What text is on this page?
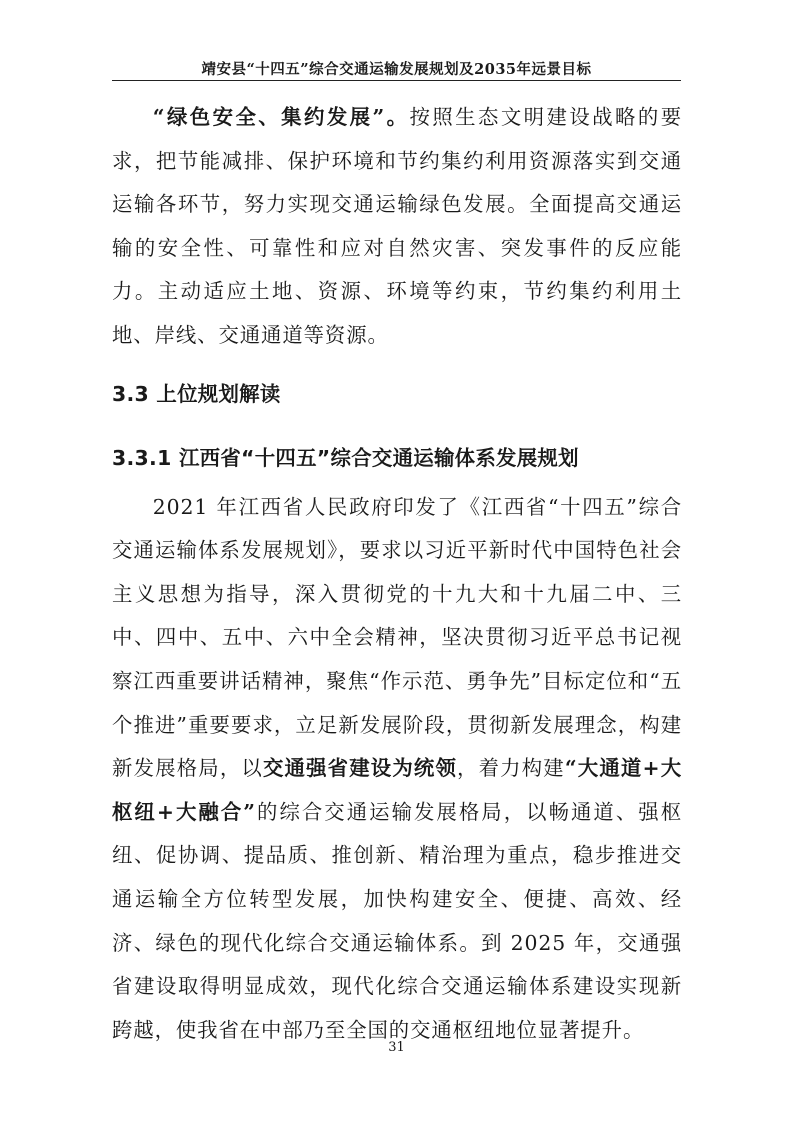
靖安县“十四五”综合交通运输发展规划及2035年远景目标

“绿色安全、集约发展”。按照生态文明建设战略的要求，把节能减排、保护环境和节约集约利用资源落实到交通运输各环节，努力实现交通运输绿色发展。全面提高交通运输的安全性、可靠性和应对自然灾害、突发事件的反应能力。主动适应土地、资源、环境等约束，节约集约利用土地、岸线、交通通道等资源。

3.3 上位规划解读
3.3.1 江西省“十四五”综合交通运输体系发展规划

2021 年江西省人民政府印发了《江西省“十四五”综合交通运输体系发展规划》，要求以习近平新时代中国特色社会主义思想为指导，深入贯彻党的十九大和十九届二中、三中、四中、五中、六中全会精神，坚决贯彻习近平总书记视察江西重要讲话精神，聚焦“作示范、勇争先”目标定位和“五个推进”重要要求，立足新发展阶段，贯彻新发展理念，构建新发展格局，以交通强省建设为统领，着力构建“大通道+大枢纽+大融合”的综合交通运输发展格局，以畅通道、强枢纽、促协调、提品质、推创新、精治理为重点，稳步推进交通运输全方位转型发展，加快构建安全、便捷、高效、经济、绿色的现代化综合交通运输体系。到 2025 年，交通强省建设取得明显成效，现代化综合交通运输体系建设实现新跨越，使我省在中部乃至全国的交通枢纽地位显著提升。

31
